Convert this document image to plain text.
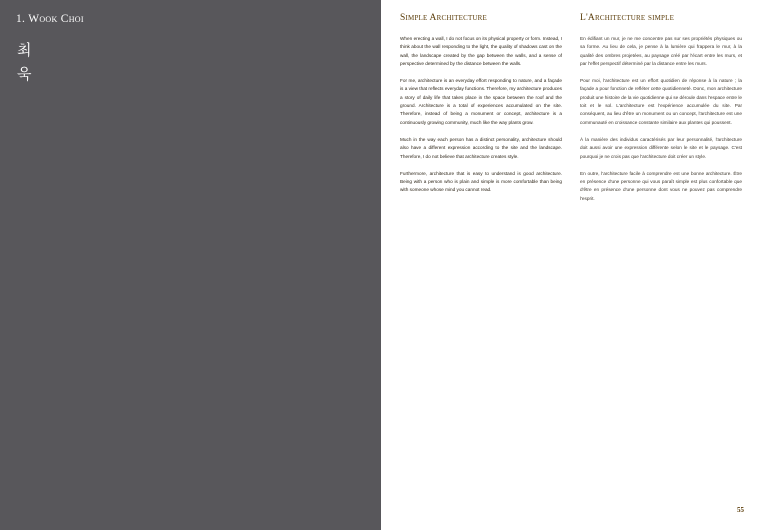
1. Wook Choi
최
욱
Simple Architecture

When erecting a wall, I do not focus on its physical property or form. Instead, I think about the wall responding to the light, the quality of shadows cast on the wall, the landscape created by the gap between the walls, and a sense of perspective determined by the distance between the walls.

For me, architecture is an everyday effort responding to nature, and a façade is a view that reflects everyday functions. Therefore, my architecture produces a story of daily life that takes place in the space between the roof and the ground. Architecture is a total of experiences accumulated on the site. Therefore, instead of being a monument or concept, architecture is a continuously growing community, much like the way plants grow.

Much in the way each person has a distinct personality, architecture should also have a different expression according to the site and the landscape. Therefore, I do not believe that architecture creates style.

Furthermore, architecture that is easy to understand is good architecture. Being with a person who is plain and simple is more comfortable than being with someone whose mind you cannot read.

L'Architecture simple

En édifiant un mur, je ne me concentre pas sur ses propriétés physiques ou sa forme. Au lieu de cela, je pense à la lumière qui frappera le mur, à la qualité des ombres projetées, au paysage créé par l'écart entre les murs, et par l'effet perspectif déterminé par la distance entre les murs.

Pour moi, l'architecture est un effort quotidien de réponse à la nature ; la façade a pour fonction de refléter cette quotidienneté. Donc, mon architecture produit une histoire de la vie quotidienne qui se déroule dans l'espace entre le toit et le sol. L'architecture est l'expérience accumulée du site. Par conséquent, au lieu d'être un monument ou un concept, l'architecture est une communauté en croissance constante similaire aux plantes qui poussent.

À la manière des individus caractérisés par leur personnalité, l'architecture doit aussi avoir une expression différente selon le site et le paysage. C'est pourquoi je ne crois pas que l'architecture doit créer un style.

En outre, l'architecture facile à comprendre est une bonne architecture. Être en présence d'une personne qui vous paraît simple est plus confortable que d'être en présence d'une personne dont vous ne pouvez pas comprendre l'esprit.

55
